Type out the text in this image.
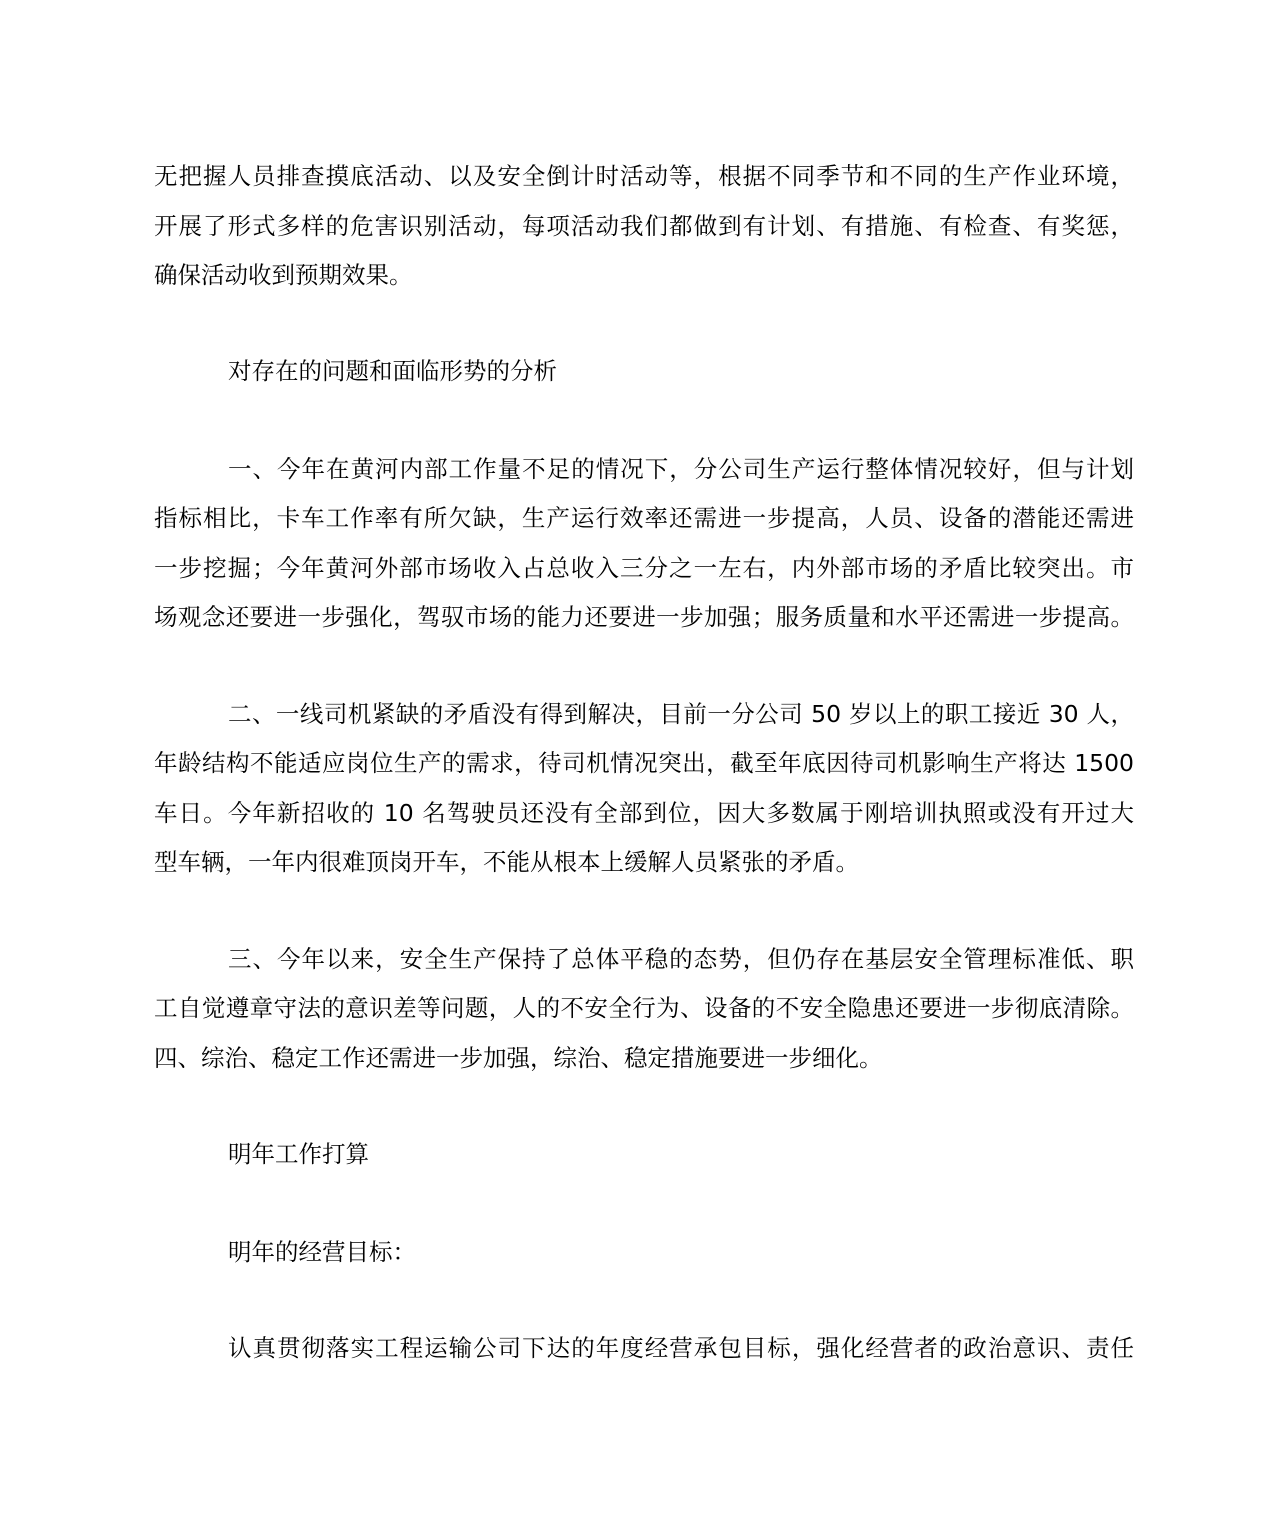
无把握人员排查摸底活动、以及安全倒计时活动等，根据不同季节和不同的生产作业环境，
开展了形式多样的危害识别活动，每项活动我们都做到有计划、有措施、有检查、有奖惩，
确保活动收到预期效果。
对存在的问题和面临形势的分析
一、今年在黄河内部工作量不足的情况下，分公司生产运行整体情况较好，但与计划
指标相比，卡车工作率有所欠缺，生产运行效率还需进一步提高，人员、设备的潜能还需进
一步挖掘；今年黄河外部市场收入占总收入三分之一左右，内外部市场的矛盾比较突出。市
场观念还要进一步强化，驾驭市场的能力还要进一步加强；服务质量和水平还需进一步提高。
二、一线司机紧缺的矛盾没有得到解决，目前一分公司 50 岁以上的职工接近 30 人，
年龄结构不能适应岗位生产的需求，待司机情况突出，截至年底因待司机影响生产将达 1500
车日。今年新招收的 10 名驾驶员还没有全部到位，因大多数属于刚培训执照或没有开过大
型车辆，一年内很难顶岗开车，不能从根本上缓解人员紧张的矛盾。
三、今年以来，安全生产保持了总体平稳的态势，但仍存在基层安全管理标准低、职
工自觉遵章守法的意识差等问题，人的不安全行为、设备的不安全隐患还要进一步彻底清除。
四、综治、稳定工作还需进一步加强，综治、稳定措施要进一步细化。
明年工作打算
明年的经营目标：
认真贯彻落实工程运输公司下达的年度经营承包目标，强化经营者的政治意识、责任
